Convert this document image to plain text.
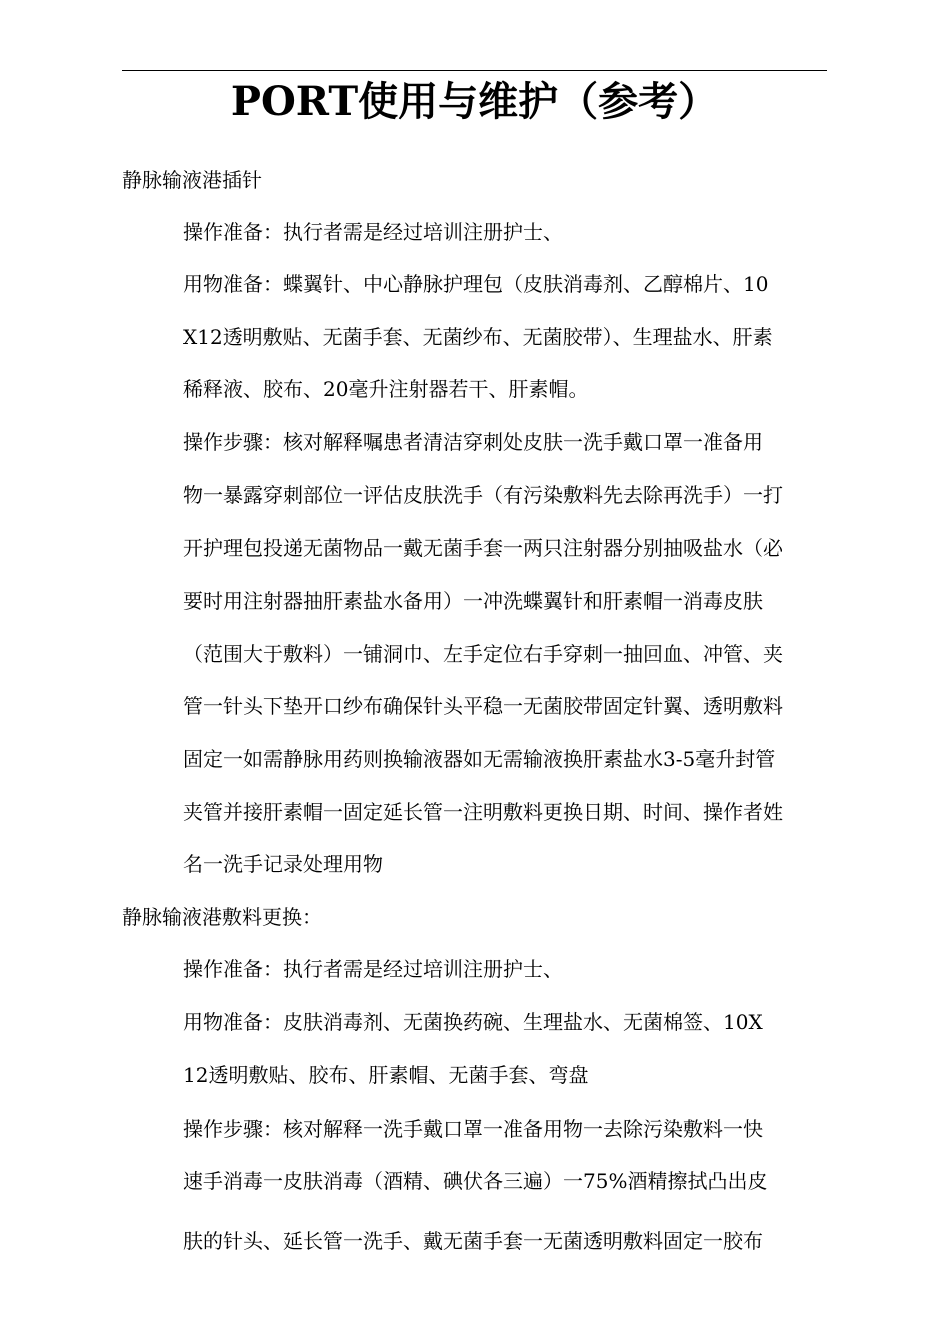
PORT使用与维护（参考）
静脉输液港插针
操作准备：执行者需是经过培训注册护士、
用物准备：蝶翼针、中心静脉护理包（皮肤消毒剂、乙醇棉片、10
X12透明敷贴、无菌手套、无菌纱布、无菌胶带）、生理盐水、肝素
稀释液、胶布、20毫升注射器若干、肝素帽。
操作步骤：核对解释嘱患者清洁穿刺处皮肤一洗手戴口罩一准备用
物一暴露穿刺部位一评估皮肤洗手（有污染敷料先去除再洗手）一打
开护理包投递无菌物品一戴无菌手套一两只注射器分别抽吸盐水（必
要时用注射器抽肝素盐水备用）一冲洗蝶翼针和肝素帽一消毒皮肤
（范围大于敷料）一铺洞巾、左手定位右手穿刺一抽回血、冲管、夹
管一针头下垫开口纱布确保针头平稳一无菌胶带固定针翼、透明敷料
固定一如需静脉用药则换输液器如无需输液换肝素盐水3-5毫升封管
夹管并接肝素帽一固定延长管一注明敷料更换日期、时间、操作者姓
名一洗手记录处理用物
静脉输液港敷料更换：
操作准备：执行者需是经过培训注册护士、
用物准备：皮肤消毒剂、无菌换药碗、生理盐水、无菌棉签、10X
12透明敷贴、胶布、肝素帽、无菌手套、弯盘
操作步骤：核对解释一洗手戴口罩一准备用物一去除污染敷料一快
速手消毒一皮肤消毒（酒精、碘伏各三遍）一75%酒精擦拭凸出皮
肤的针头、延长管一洗手、戴无菌手套一无菌透明敷料固定一胶布
